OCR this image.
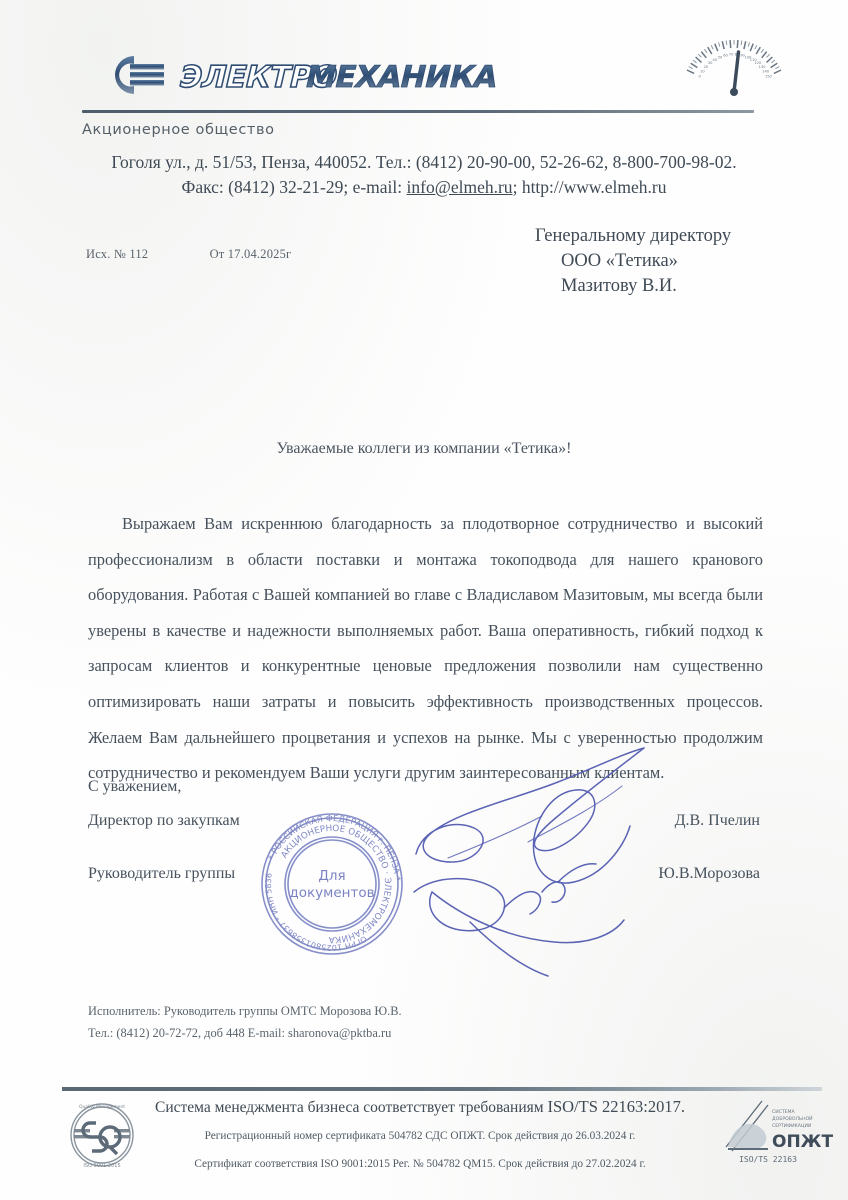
ЭЛЕКТРО
МЕХАНИКА	0
10
20
30
40
50 60 70 80 90 100
110
120
130
140
150
Акционерное общество
Гоголя ул., д. 51/53, Пенза, 440052. Тел.: (8412) 20-90-00, 52-26-62, 8-800-700-98-02.
Факс: (8412) 32-21-29; e-mail: info@elmeh.ru; http://www.elmeh.ru
Исх. № 112	От 17.04.2025г
Генеральному директору
ООО «Тетика»
Мазитову В.И.
Уважаемые коллеги из компании «Тетика»!
Выражаем Вам искреннюю благодарность за плодотворное сотрудничество и высокий профессионализм в области поставки и монтажа токоподвода для нашего кранового оборудования. Работая с Вашей компанией во главе с Владиславом Мазитовым, мы всегда были уверены в качестве и надежности выполняемых работ. Ваша оперативность, гибкий подход к запросам клиентов и конкурентные ценовые предложения позволили нам существенно оптимизировать наши затраты и повысить эффективность производственных процессов. Желаем Вам дальнейшего процветания и успехов на рынке. Мы с уверенностью продолжим сотрудничество и рекомендуем Ваши услуги другим заинтересованным клиентам.
* РОССИЙСКАЯ ФЕДЕРАЦИЯ г. ПЕНЗА *
АКЦИОНЕРНОЕ ОБЩЕСТВО · ЭЛЕКТРОМЕХАНИКА	ОГРН 1025801358637 * ИНН 5836	Для
документов
С уважением,
Директор по закупкам	Д.В. Пчелин
Руководитель группы	Ю.В.Морозова
Исполнитель: Руководитель группы ОМТС Морозова Ю.В.
Тел.: (8412) 20-72-72, доб 448 E-mail: sharonova@pktba.ru
ISO 9001:2015
Quality Management	Система менеджмента бизнеса соответствует требованиям ISO/TS 22163:2017.
Регистрационный номер сертификата 504782 СДС ОПЖТ. Срок действия до 26.03.2024 г.
Сертификат соответствия ISO 9001:2015 Рег. № 504782 QM15. Срок действия до 27.02.2024 г.
СИСТЕМА
ДОБРОВОЛЬНОЙ
СЕРТИФИКАЦИИ
ОПЖТ
ISO/TS 22163
